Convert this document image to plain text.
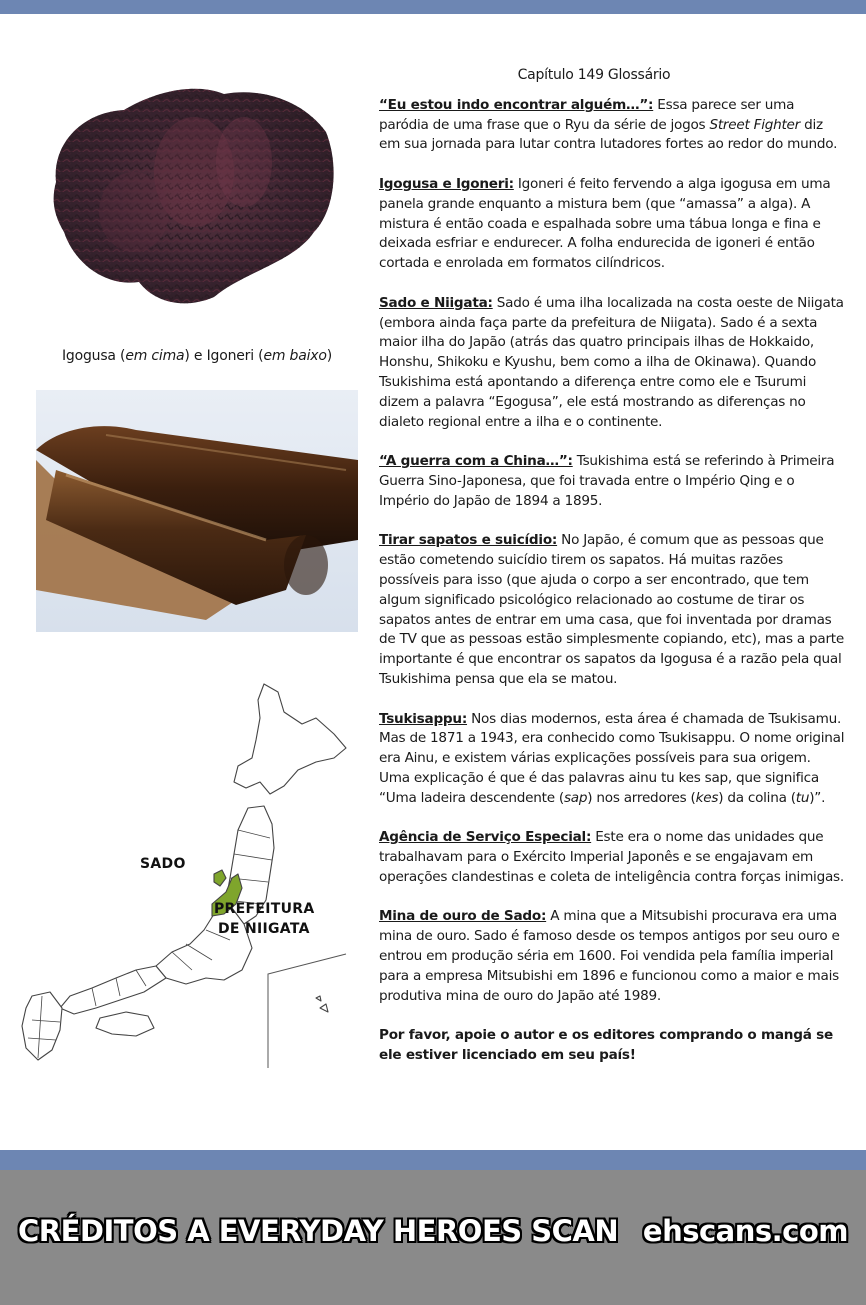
Igogusa (em cima) e Igoneri (em baixo)
SADO
PREFEITURA
DE NIIGATA

Capítulo 149 Glossário

“Eu estou indo encontrar alguém…”: Essa parece ser uma paródia de uma frase que o Ryu da série de jogos Street Fighter diz em sua jornada para lutar contra lutadores fortes ao redor do mundo.

Igogusa e Igoneri: Igoneri é feito fervendo a alga igogusa em uma panela grande enquanto a mistura bem (que “amassa” a alga). A mistura é então coada e espalhada sobre uma tábua longa e fina e deixada esfriar e endurecer. A folha endurecida de igoneri é então cortada e enrolada em formatos cilíndricos.

Sado e Niigata: Sado é uma ilha localizada na costa oeste de Niigata (embora ainda faça parte da prefeitura de Niigata). Sado é a sexta maior ilha do Japão (atrás das quatro principais ilhas de Hokkaido, Honshu, Shikoku e Kyushu, bem como a ilha de Okinawa). Quando Tsukishima está apontando a diferença entre como ele e Tsurumi dizem a palavra “Egogusa”, ele está mostrando as diferenças no dialeto regional entre a ilha e o continente.

“A guerra com a China…”: Tsukishima está se referindo à Primeira Guerra Sino-Japonesa, que foi travada entre o Império Qing e o Império do Japão de 1894 a 1895.

Tirar sapatos e suicídio: No Japão, é comum que as pessoas que estão cometendo suicídio tirem os sapatos. Há muitas razões possíveis para isso (que ajuda o corpo a ser encontrado, que tem algum significado psicológico relacionado ao costume de tirar os sapatos antes de entrar em uma casa, que foi inventada por dramas de TV que as pessoas estão simplesmente copiando, etc), mas a parte importante é que encontrar os sapatos da Igogusa é a razão pela qual Tsukishima pensa que ela se matou.

Tsukisappu: Nos dias modernos, esta área é chamada de Tsukisamu. Mas de 1871 a 1943, era conhecido como Tsukisappu. O nome original era Ainu, e existem várias explicações possíveis para sua origem. Uma explicação é que é das palavras ainu tu kes sap, que significa “Uma ladeira descendente (sap) nos arredores (kes) da colina (tu)”.

Agência de Serviço Especial: Este era o nome das unidades que trabalhavam para o Exército Imperial Japonês e se engajavam em operações clandestinas e coleta de inteligência contra forças inimigas.

Mina de ouro de Sado: A mina que a Mitsubishi procurava era uma mina de ouro. Sado é famoso desde os tempos antigos por seu ouro e entrou em produção séria em 1600. Foi vendida pela família imperial para a empresa Mitsubishi em 1896 e funcionou como a maior e mais produtiva mina de ouro do Japão até 1989.

Por favor, apoie o autor e os editores comprando o mangá se ele estiver licenciado em seu país!

CRÉDITOS A EVERYDAY HEROES SCAN ehscans.com
